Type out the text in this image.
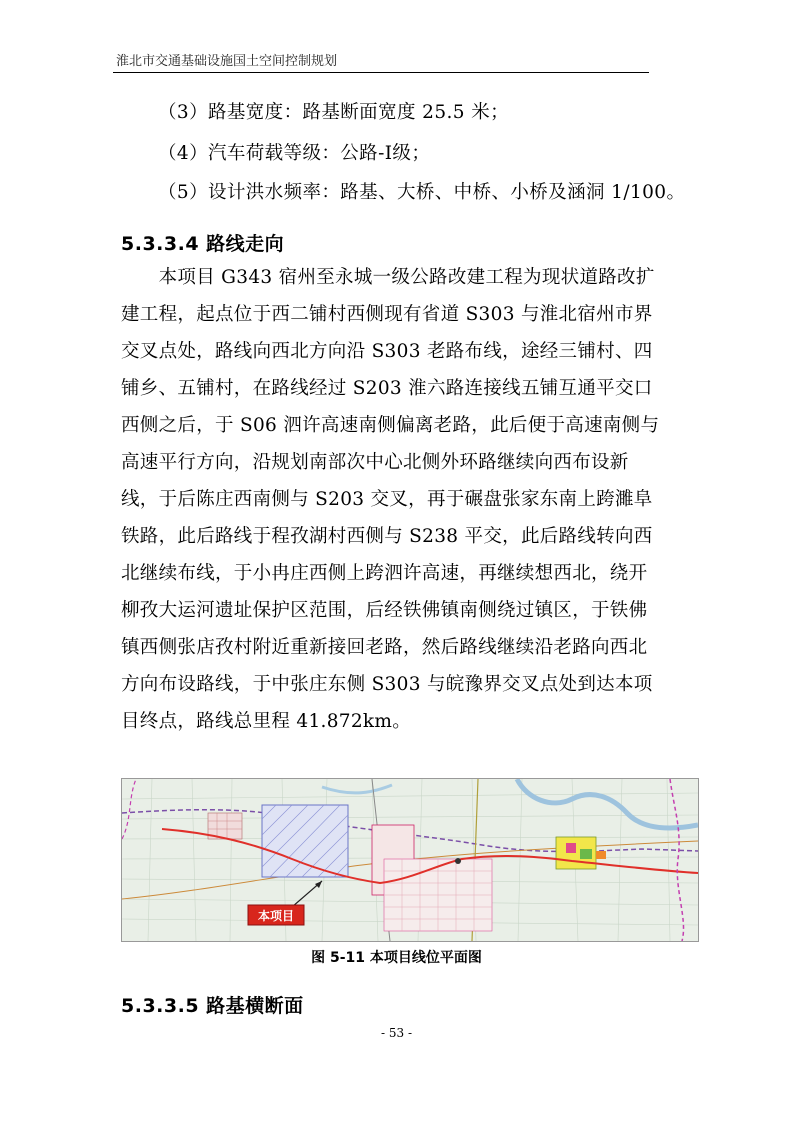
淮北市交通基础设施国土空间控制规划
（3）路基宽度：路基断面宽度 25.5 米；
（4）汽车荷载等级：公路-Ⅰ级；
（5）设计洪水频率：路基、大桥、中桥、小桥及涵洞 1/100。
5.3.3.4 路线走向
　　本项目 G343 宿州至永城一级公路改建工程为现状道路改扩
建工程，起点位于西二铺村西侧现有省道 S303 与淮北宿州市界
交叉点处，路线向西北方向沿 S303 老路布线，途经三铺村、四
铺乡、五铺村，在路线经过 S203 淮六路连接线五铺互通平交口
西侧之后，于 S06 泗许高速南侧偏离老路，此后便于高速南侧与
高速平行方向，沿规划南部次中心北侧外环路继续向西布设新
线，于后陈庄西南侧与 S203 交叉，再于碾盘张家东南上跨濉阜
铁路，此后路线于程孜湖村西侧与 S238 平交，此后路线转向西
北继续布线，于小冉庄西侧上跨泗许高速，再继续想西北，绕开
柳孜大运河遗址保护区范围，后经铁佛镇南侧绕过镇区，于铁佛
镇西侧张店孜村附近重新接回老路，然后路线继续沿老路向西北
方向布设路线，于中张庄东侧 S303 与皖豫界交叉点处到达本项
目终点，路线总里程 41.872km。
本项目
图 5-11 本项目线位平面图
5.3.3.5 路基横断面
- 53 -
